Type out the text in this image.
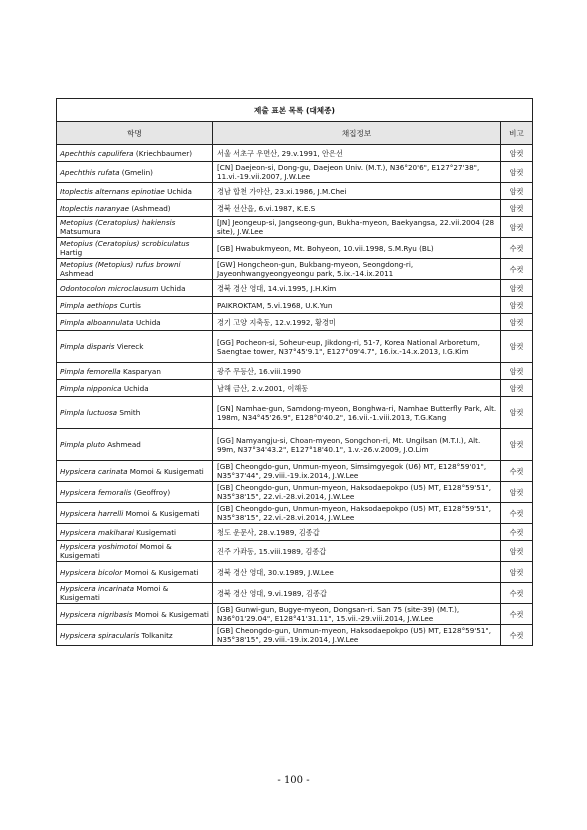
제출 표본 목록 (대체종)		
학명	채집정보	비고
Apechthis capulifera (Kriechbaumer)	서울 서초구 우면산, 29.v.1991, 안은선	암컷
Apechthis rufata (Gmelin)	[CN] Daejeon-si, Dong-gu, Daejeon Univ. (M.T.), N36°20'6", E127°27'38", 11.vi.-19.vii.2007, J.W.Lee	암컷
Itoplectis alternans epinotiae Uchida	경남 합천 가야산, 23.xi.1986, J.M.Chei	암컷
Itoplectis naranyae (Ashmead)	경북 선산읍, 6.vi.1987, K.E.S	암컷
Metopius (Ceratopius) hakiensis Matsumura	[JN] Jeongeup-si, Jangseong-gun, Bukha-myeon, Baekyangsa, 22.vii.2004 (28 site), J.W.Lee	암컷
Metopius (Ceratopius) scrobiculatus Hartig	[GB] Hwabukmyeon, Mt. Bohyeon, 10.vii.1998, S.M.Ryu (BL)	수컷
Metopius (Metopius) rufus browni Ashmead	[GW] Hongcheon-gun, Bukbang-myeon, Seongdong-ri, Jayeonhwangyeongyeongu park, 5.ix.-14.ix.2011	수컷
Odontocolon microclausum Uchida	경북 경산 영대, 14.vi.1995, J.H.Kim	암컷
Pimpla aethiops Curtis	PAIKROKTAM, 5.vi.1968, U.K.Yun	암컷
Pimpla alboannulata Uchida	경기 고양 지축동, 12.v.1992, 황경미	암컷
Pimpla disparis Viereck	[GG] Pocheon-si, Soheur-eup, Jikdong-ri, 51-7, Korea National Arboretum, Saengtae tower, N37°45'9.1", E127°09'4.7", 16.ix.-14.x.2013, I.G.Kim	암컷
Pimpla femorella Kasparyan	광주 무등산, 16.viii.1990	암컷
Pimpla nipponica Uchida	남해 금산, 2.v.2001, 이해동	암컷
Pimpla luctuosa Smith	[GN] Namhae-gun, Samdong-myeon, Bonghwa-ri, Namhae Butterfly Park, Alt. 198m, N34°45'26.9", E128°0'40.2", 16.vii.-1.viii.2013, T.G.Kang	암컷
Pimpla pluto Ashmead	[GG] Namyangju-si, Choan-myeon, Songchon-ri, Mt. Ungilsan (M.T.I.), Alt. 99m, N37°34'43.2", E127°18'40.1", 1.v.-26.v.2009, J.O.Lim	암컷
Hypsicera carinata Momoi & Kusigemati	[GB] Cheongdo-gun, Unmun-myeon, Simsimgyegok (U6) MT, E128°59'01", N35°37'44", 29.viii.-19.ix.2014, J.W.Lee	수컷
Hypsicera femoralis (Geoffroy)	[GB] Cheongdo-gun, Unmun-myeon, Haksodaepokpo (U5) MT, E128°59'51", N35°38'15", 22.vi.-28.vi.2014, J.W.Lee	암컷
Hypsicera harrelli Momoi & Kusigemati	[GB] Cheongdo-gun, Unmun-myeon, Haksodaepokpo (U5) MT, E128°59'51", N35°38'15", 22.vi.-28.vi.2014, J.W.Lee	수컷
Hypsicera makiharai Kusigemati	청도 운문사, 28.v.1989, 김종갑	수컷
Hypsicera yoshimotoi Momoi & Kusigemati	진주 가좌동, 15.viii.1989, 김종갑	암컷
Hypsicera bicolor Momoi & Kusigemati	경북 경산 영대, 30.v.1989, J.W.Lee	암컷
Hypsicera incarinata Momoi & Kusigemati	경북 경산 영대, 9.vi.1989, 김종갑	수컷
Hypsicera nigribasis Momoi & Kusigemati	[GB] Gunwi-gun, Bugye-myeon, Dongsan-ri. San 75 (site-39) (M.T.), N36°01'29.04", E128°41'31.11", 15.vii.-29.viii.2014, J.W.Lee	수컷
Hypsicera spiracularis Tolkanitz	[GB] Cheongdo-gun, Unmun-myeon, Haksodaepokpo (U5) MT, E128°59'51", N35°38'15", 29.viii.-19.ix.2014, J.W.Lee	수컷
- 100 -
